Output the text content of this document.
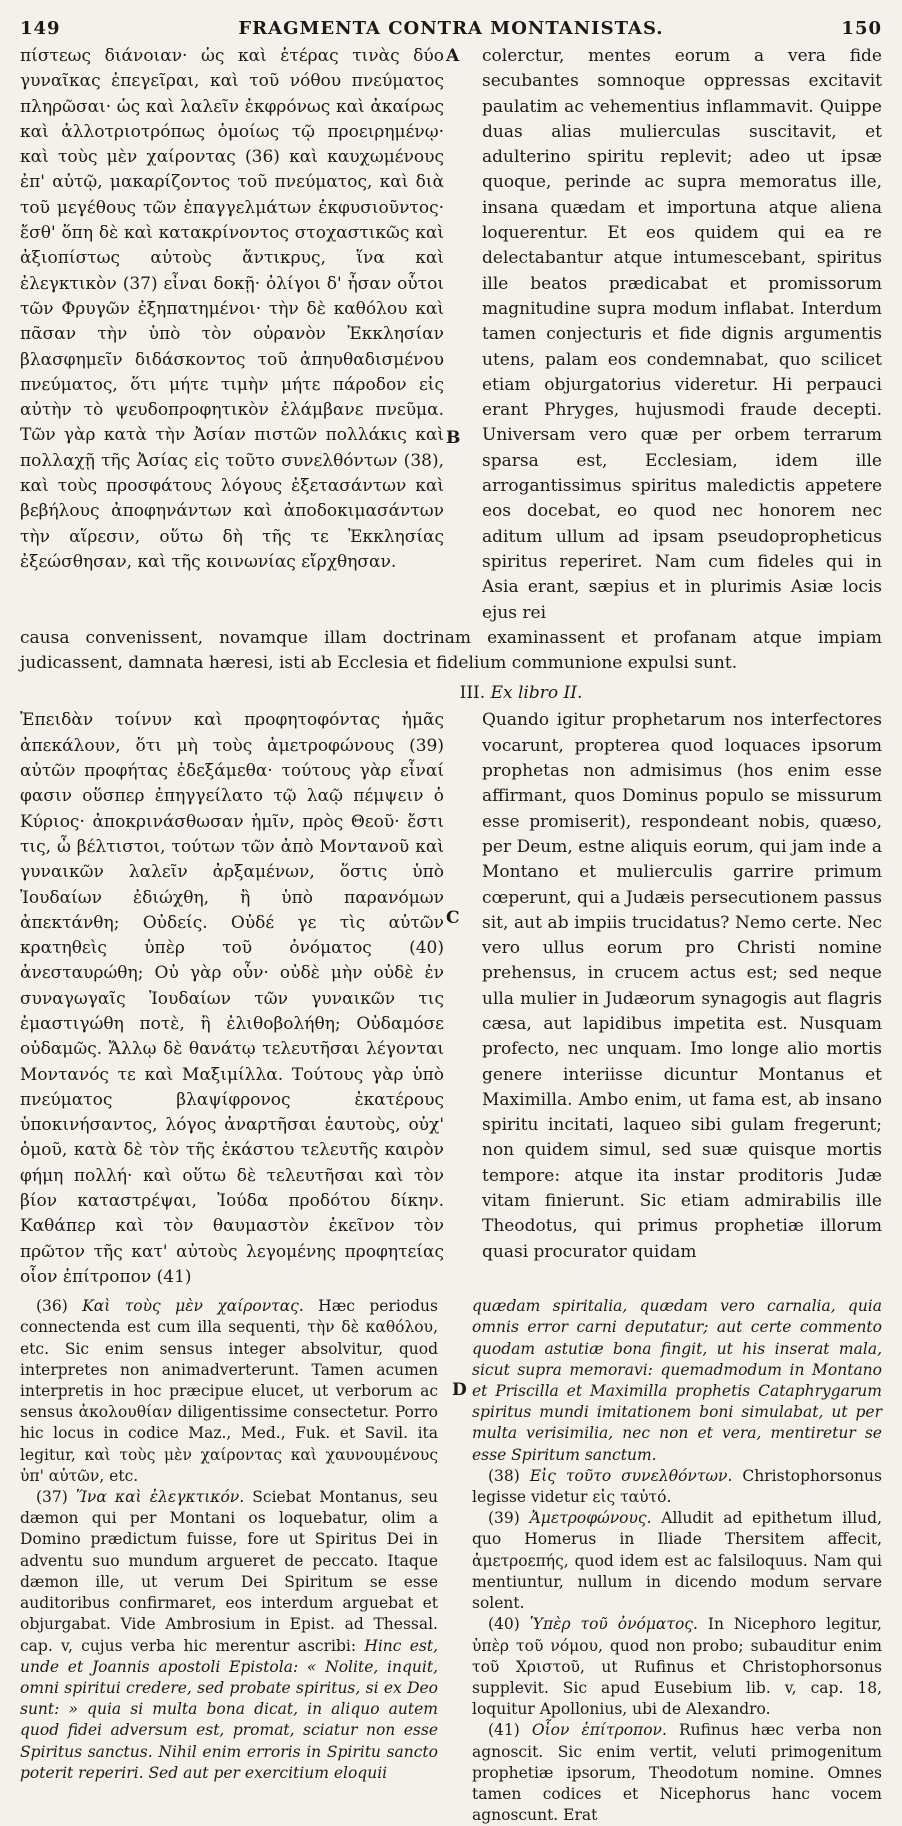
149	FRAGMENTA CONTRA MONTANISTAS.	150

πίστεως διάνοιαν· ὡς καὶ ἑτέρας τινὰς δύο γυναῖκας ἐπεγεῖραι, καὶ τοῦ νόθου πνεύματος πληρῶσαι· ὡς καὶ λαλεῖν ἐκφρόνως καὶ ἀκαίρως καὶ ἀλλοτριοτρόπως ὁμοίως τῷ προειρημένῳ· καὶ τοὺς μὲν χαίροντας (36) καὶ καυχωμένους ἐπ' αὐτῷ, μακαρίζοντος τοῦ πνεύματος, καὶ διὰ τοῦ μεγέθους τῶν ἐπαγγελμάτων ἐκφυσιοῦντος· ἔσθ' ὅπη δὲ καὶ κατακρίνοντος στοχαστικῶς καὶ ἀξιοπίστως αὐτοὺς ἄντικρυς, ἵνα καὶ ἐλεγκτικὸν (37) εἶναι δοκῇ· ὀλίγοι δ' ἦσαν οὗτοι τῶν Φρυγῶν ἐξηπατημένοι· τὴν δὲ καθόλου καὶ πᾶσαν τὴν ὑπὸ τὸν οὐρανὸν Ἐκκλησίαν βλασφημεῖν διδάσκοντος τοῦ ἀπηυθαδισμένου πνεύματος, ὅτι μήτε τιμὴν μήτε πάροδον εἰς αὐτὴν τὸ ψευδοπροφητικὸν ἐλάμβανε πνεῦμα. Τῶν γὰρ κατὰ τὴν Ἀσίαν πιστῶν πολλάκις καὶ πολλαχῇ τῆς Ἀσίας εἰς τοῦτο συνελθόντων (38), καὶ τοὺς προσφάτους λόγους ἐξετασάντων καὶ βεβήλους ἀποφηνάντων καὶ ἀποδοκιμασάντων τὴν αἵρεσιν, οὕτω δὴ τῆς τε Ἐκκλησίας ἐξεώσθησαν, καὶ τῆς κοινωνίας εἴρχθησαν.

A
B

colerctur, mentes eorum a vera fide secubantes somnoque oppressas excitavit paulatim ac vehementius inflammavit. Quippe duas alias mulierculas suscitavit, et adulterino spiritu replevit; adeo ut ipsæ quoque, perinde ac supra memoratus ille, insana quædam et importuna atque aliena loquerentur. Et eos quidem qui ea re delectabantur atque intumescebant, spiritus ille beatos prædicabat et promissorum magnitudine supra modum inflabat. Interdum tamen conjecturis et fide dignis argumentis utens, palam eos condemnabat, quo scilicet etiam objurgatorius videretur. Hi perpauci erant Phryges, hujusmodi fraude decepti. Universam vero quæ per orbem terrarum sparsa est, Ecclesiam, idem ille arrogantissimus spiritus maledictis appetere eos docebat, eo quod nec honorem nec aditum ullum ad ipsam pseudopropheticus spiritus reperiret. Nam cum fideles qui in Asia erant, sæpius et in plurimis Asiæ locis ejus rei

causa convenissent, novamque illam doctrinam examinassent et profanam atque impiam judicassent, damnata hæresi, isti ab Ecclesia et fidelium communione expulsi sunt.
III. Ex libro II.

Ἐπειδὰν τοίνυν καὶ προφητοφόντας ἡμᾶς ἀπεκάλουν, ὅτι μὴ τοὺς ἀμετροφώνους (39) αὐτῶν προφήτας ἐδεξάμεθα· τούτους γὰρ εἶναί φασιν οὕσπερ ἐπηγγείλατο τῷ λαῷ πέμψειν ὁ Κύριος· ἀποκρινάσθωσαν ἡμῖν, πρὸς Θεοῦ· ἔστι τις, ὦ βέλτιστοι, τούτων τῶν ἀπὸ Μοντανοῦ καὶ γυναικῶν λαλεῖν ἀρξαμένων, ὅστις ὑπὸ Ἰουδαίων ἐδιώχθη, ἢ ὑπὸ παρανόμων ἀπεκτάνθη; Οὐδείς. Οὐδέ γε τὶς αὐτῶν κρατηθεὶς ὑπὲρ τοῦ ὀνόματος (40) ἀνεσταυρώθη; Οὐ γὰρ οὖν· οὐδὲ μὴν οὐδὲ ἐν συναγωγαῖς Ἰουδαίων τῶν γυναικῶν τις ἐμαστιγώθη ποτὲ, ἢ ἐλιθοβολήθη; Οὐδαμόσε οὐδαμῶς. Ἄλλῳ δὲ θανάτῳ τελευτῆσαι λέγονται Μοντανός τε καὶ Μαξιμίλλα. Τούτους γὰρ ὑπὸ πνεύματος βλαψίφρονος ἑκατέρους ὑποκινήσαντος, λόγος ἀναρτῆσαι ἑαυτοὺς, οὐχ' ὁμοῦ, κατὰ δὲ τὸν τῆς ἑκάστου τελευτῆς καιρὸν φήμη πολλή· καὶ οὕτω δὲ τελευτῆσαι καὶ τὸν βίον καταστρέψαι, Ἰούδα προδότου δίκην. Καθάπερ καὶ τὸν θαυμαστὸν ἐκεῖνον τὸν πρῶτον τῆς κατ' αὐτοὺς λεγομένης προφητείας οἷον ἐπίτροπον (41)

C

Quando igitur prophetarum nos interfectores vocarunt, propterea quod loquaces ipsorum prophetas non admisimus (hos enim esse affirmant, quos Dominus populo se missurum esse promiserit), respondeant nobis, quæso, per Deum, estne aliquis eorum, qui jam inde a Montano et mulierculis garrire primum cœperunt, qui a Judæis persecutionem passus sit, aut ab impiis trucidatus? Nemo certe. Nec vero ullus eorum pro Christi nomine prehensus, in crucem actus est; sed neque ulla mulier in Judæorum synagogis aut flagris cæsa, aut lapidibus impetita est. Nusquam profecto, nec unquam. Imo longe alio mortis genere interiisse dicuntur Montanus et Maximilla. Ambo enim, ut fama est, ab insano spiritu incitati, laqueo sibi gulam fregerunt; non quidem simul, sed suæ quisque mortis tempore: atque ita instar proditoris Judæ vitam finierunt. Sic etiam admirabilis ille Theodotus, qui primus prophetiæ illorum quasi procurator quidam

(36) Καὶ τοὺς μὲν χαίροντας. Hæc periodus connectenda est cum illa sequenti, τὴν δὲ καθόλου, etc. Sic enim sensus integer absolvitur, quod interpretes non animadverterunt. Tamen acumen interpretis in hoc præcipue elucet, ut verborum ac sensus ἀκολουθίαν diligentissime consectetur. Porro hic locus in codice Maz., Med., Fuk. et Savil. ita legitur, καὶ τοὺς μὲν χαίροντας καὶ χαυνουμένους ὑπ' αὐτῶν, etc.

(37) Ἵνα καὶ ἐλεγκτικόν. Sciebat Montanus, seu dæmon qui per Montani os loquebatur, olim a Domino prædictum fuisse, fore ut Spiritus Dei in adventu suo mundum argueret de peccato. Itaque dæmon ille, ut verum Dei Spiritum se esse auditoribus confirmaret, eos interdum arguebat et objurgabat. Vide Ambrosium in Epist. ad Thessal. cap. v, cujus verba hic merentur ascribi: Hinc est, unde et Joannis apostoli Epistola: « Nolite, inquit, omni spiritui credere, sed probate spiritus, si ex Deo sunt: » quia si multa bona dicat, in aliquo autem quod fidei adversum est, promat, sciatur non esse Spiritus sanctus. Nihil enim erroris in Spiritu sancto poterit reperiri. Sed aut per exercitium eloquii

D

quædam spiritalia, quædam vero carnalia, quia omnis error carni deputatur; aut certe commento quodam astutiæ bona fingit, ut his inserat mala, sicut supra memoravi: quemadmodum in Montano et Priscilla et Maximilla prophetis Cataphrygarum spiritus mundi imitationem boni simulabat, ut per multa verisimilia, nec non et vera, mentiretur se esse Spiritum sanctum.

(38) Εἰς τοῦτο συνελθόντων. Christophorsonus legisse videtur εἰς ταὐτό.

(39) Ἀμετροφώνους. Alludit ad epithetum illud, quo Homerus in Iliade Thersitem affecit, ἀμετροεπής, quod idem est ac falsiloquus. Nam qui mentiuntur, nullum in dicendo modum servare solent.

(40) Ὑπὲρ τοῦ ὀνόματος. In Nicephoro legitur, ὑπὲρ τοῦ νόμου, quod non probo; subauditur enim τοῦ Χριστοῦ, ut Rufinus et Christophorsonus supplevit. Sic apud Eusebium lib. v, cap. 18, loquitur Apollonius, ubi de Alexandro.

(41) Οἷον ἐπίτροπον. Rufinus hæc verba non agnoscit. Sic enim vertit, veluti primogenitum prophetiæ ipsorum, Theodotum nomine. Omnes tamen codices et Nicephorus hanc vocem agnoscunt. Erat
